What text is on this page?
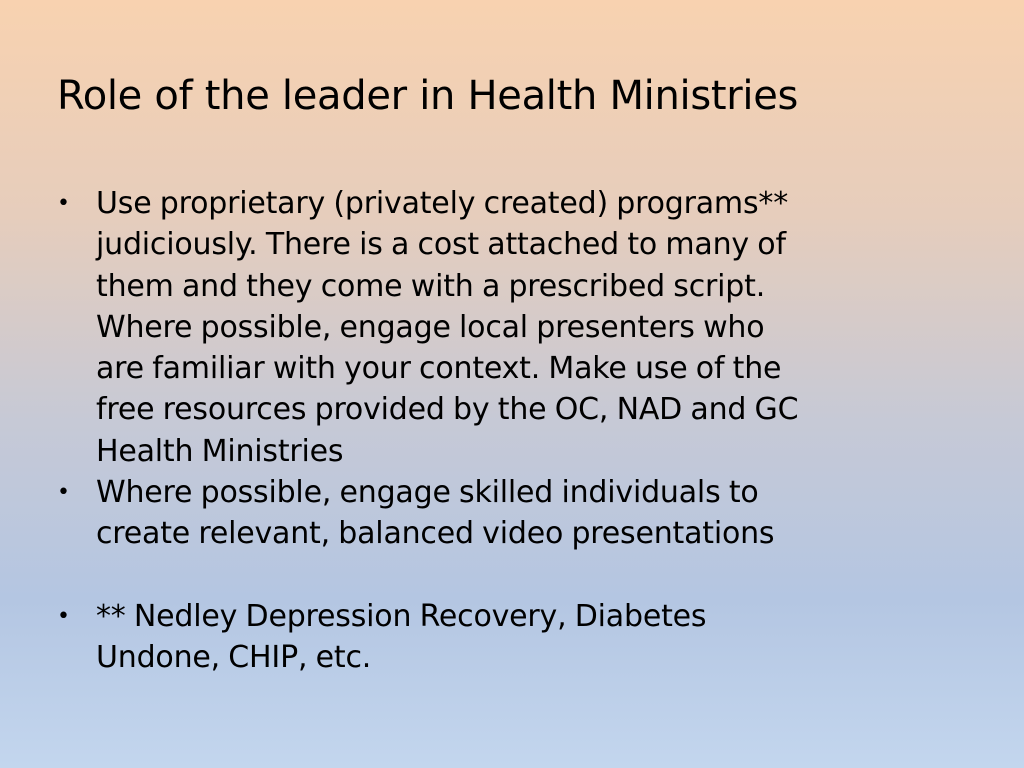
Role of the leader in Health Ministries
• Use proprietary (privately created) programs**
judiciously. There is a cost attached to many of
them and they come with a prescribed script.
Where possible, engage local presenters who
are familiar with your context. Make use of the
free resources provided by the OC, NAD and GC
Health Ministries
• Where possible, engage skilled individuals to
create relevant, balanced video presentations
• ** Nedley Depression Recovery, Diabetes
Undone, CHIP, etc.
